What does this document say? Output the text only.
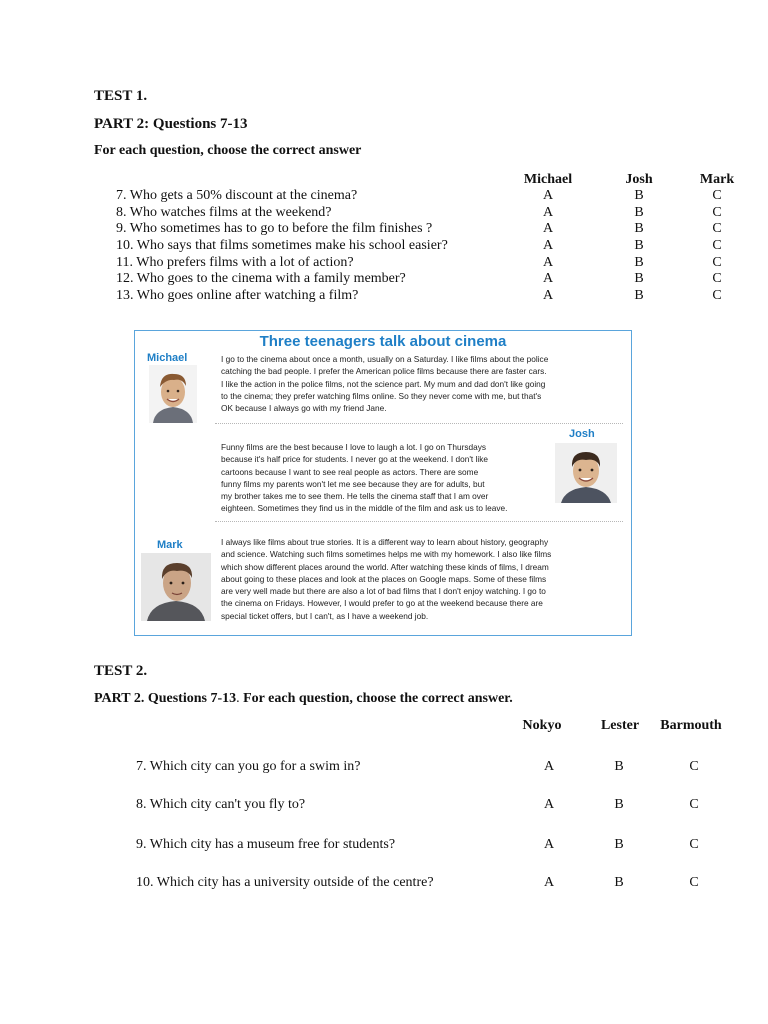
TEST 1.
PART 2: Questions 7-13
For each question, choose the correct answer
Michael	Josh	Mark
7. Who gets a 50% discount at the cinema?	A	B	C
8. Who watches films at the weekend?	A	B	C
9. Who sometimes has to go to before the film finishes ?	A	B	C
10. Who says that films sometimes make his school easier?	A	B	C
11. Who prefers films with a lot of action?	A	B	C
12. Who goes to the cinema with a family member?	A	B	C
13. Who goes online after watching a film?	A	B	C
Three teenagers talk about cinema
Michael	I go to the cinema about once a month, usually on a Saturday. I like films about the police
catching the bad people. I prefer the American police films because there are faster cars.
I like the action in the police films, not the science part. My mum and dad don't like going
to the cinema; they prefer watching films online. So they never come with me, but that's
OK because I always go with my friend Jane.
Josh
Funny films are the best because I love to laugh a lot. I go on Thursdays
because it's half price for students. I never go at the weekend. I don't like
cartoons because I want to see real people as actors. There are some
funny films my parents won't let me see because they are for adults, but
my brother takes me to see them. He tells the cinema staff that I am over
eighteen. Sometimes they find us in the middle of the film and ask us to leave.
Mark	I always like films about true stories. It is a different way to learn about history, geography
and science. Watching such films sometimes helps me with my homework. I also like films
which show different places around the world. After watching these kinds of films, I dream
about going to these places and look at the places on Google maps. Some of these films
are very well made but there are also a lot of bad films that I don't enjoy watching. I go to
the cinema on Fridays. However, I would prefer to go at the weekend because there are
special ticket offers, but I can't, as I have a weekend job.
TEST 2.
PART 2. Questions 7-13. For each question, choose the correct answer.
Nokyo	Lester	Barmouth
7. Which city can you go for a swim in?	A	B	C
8. Which city can't you fly to?	A	B	C
9. Which city has a museum free for students?	A	B	C
10. Which city has a university outside of the centre?	A	B	C
